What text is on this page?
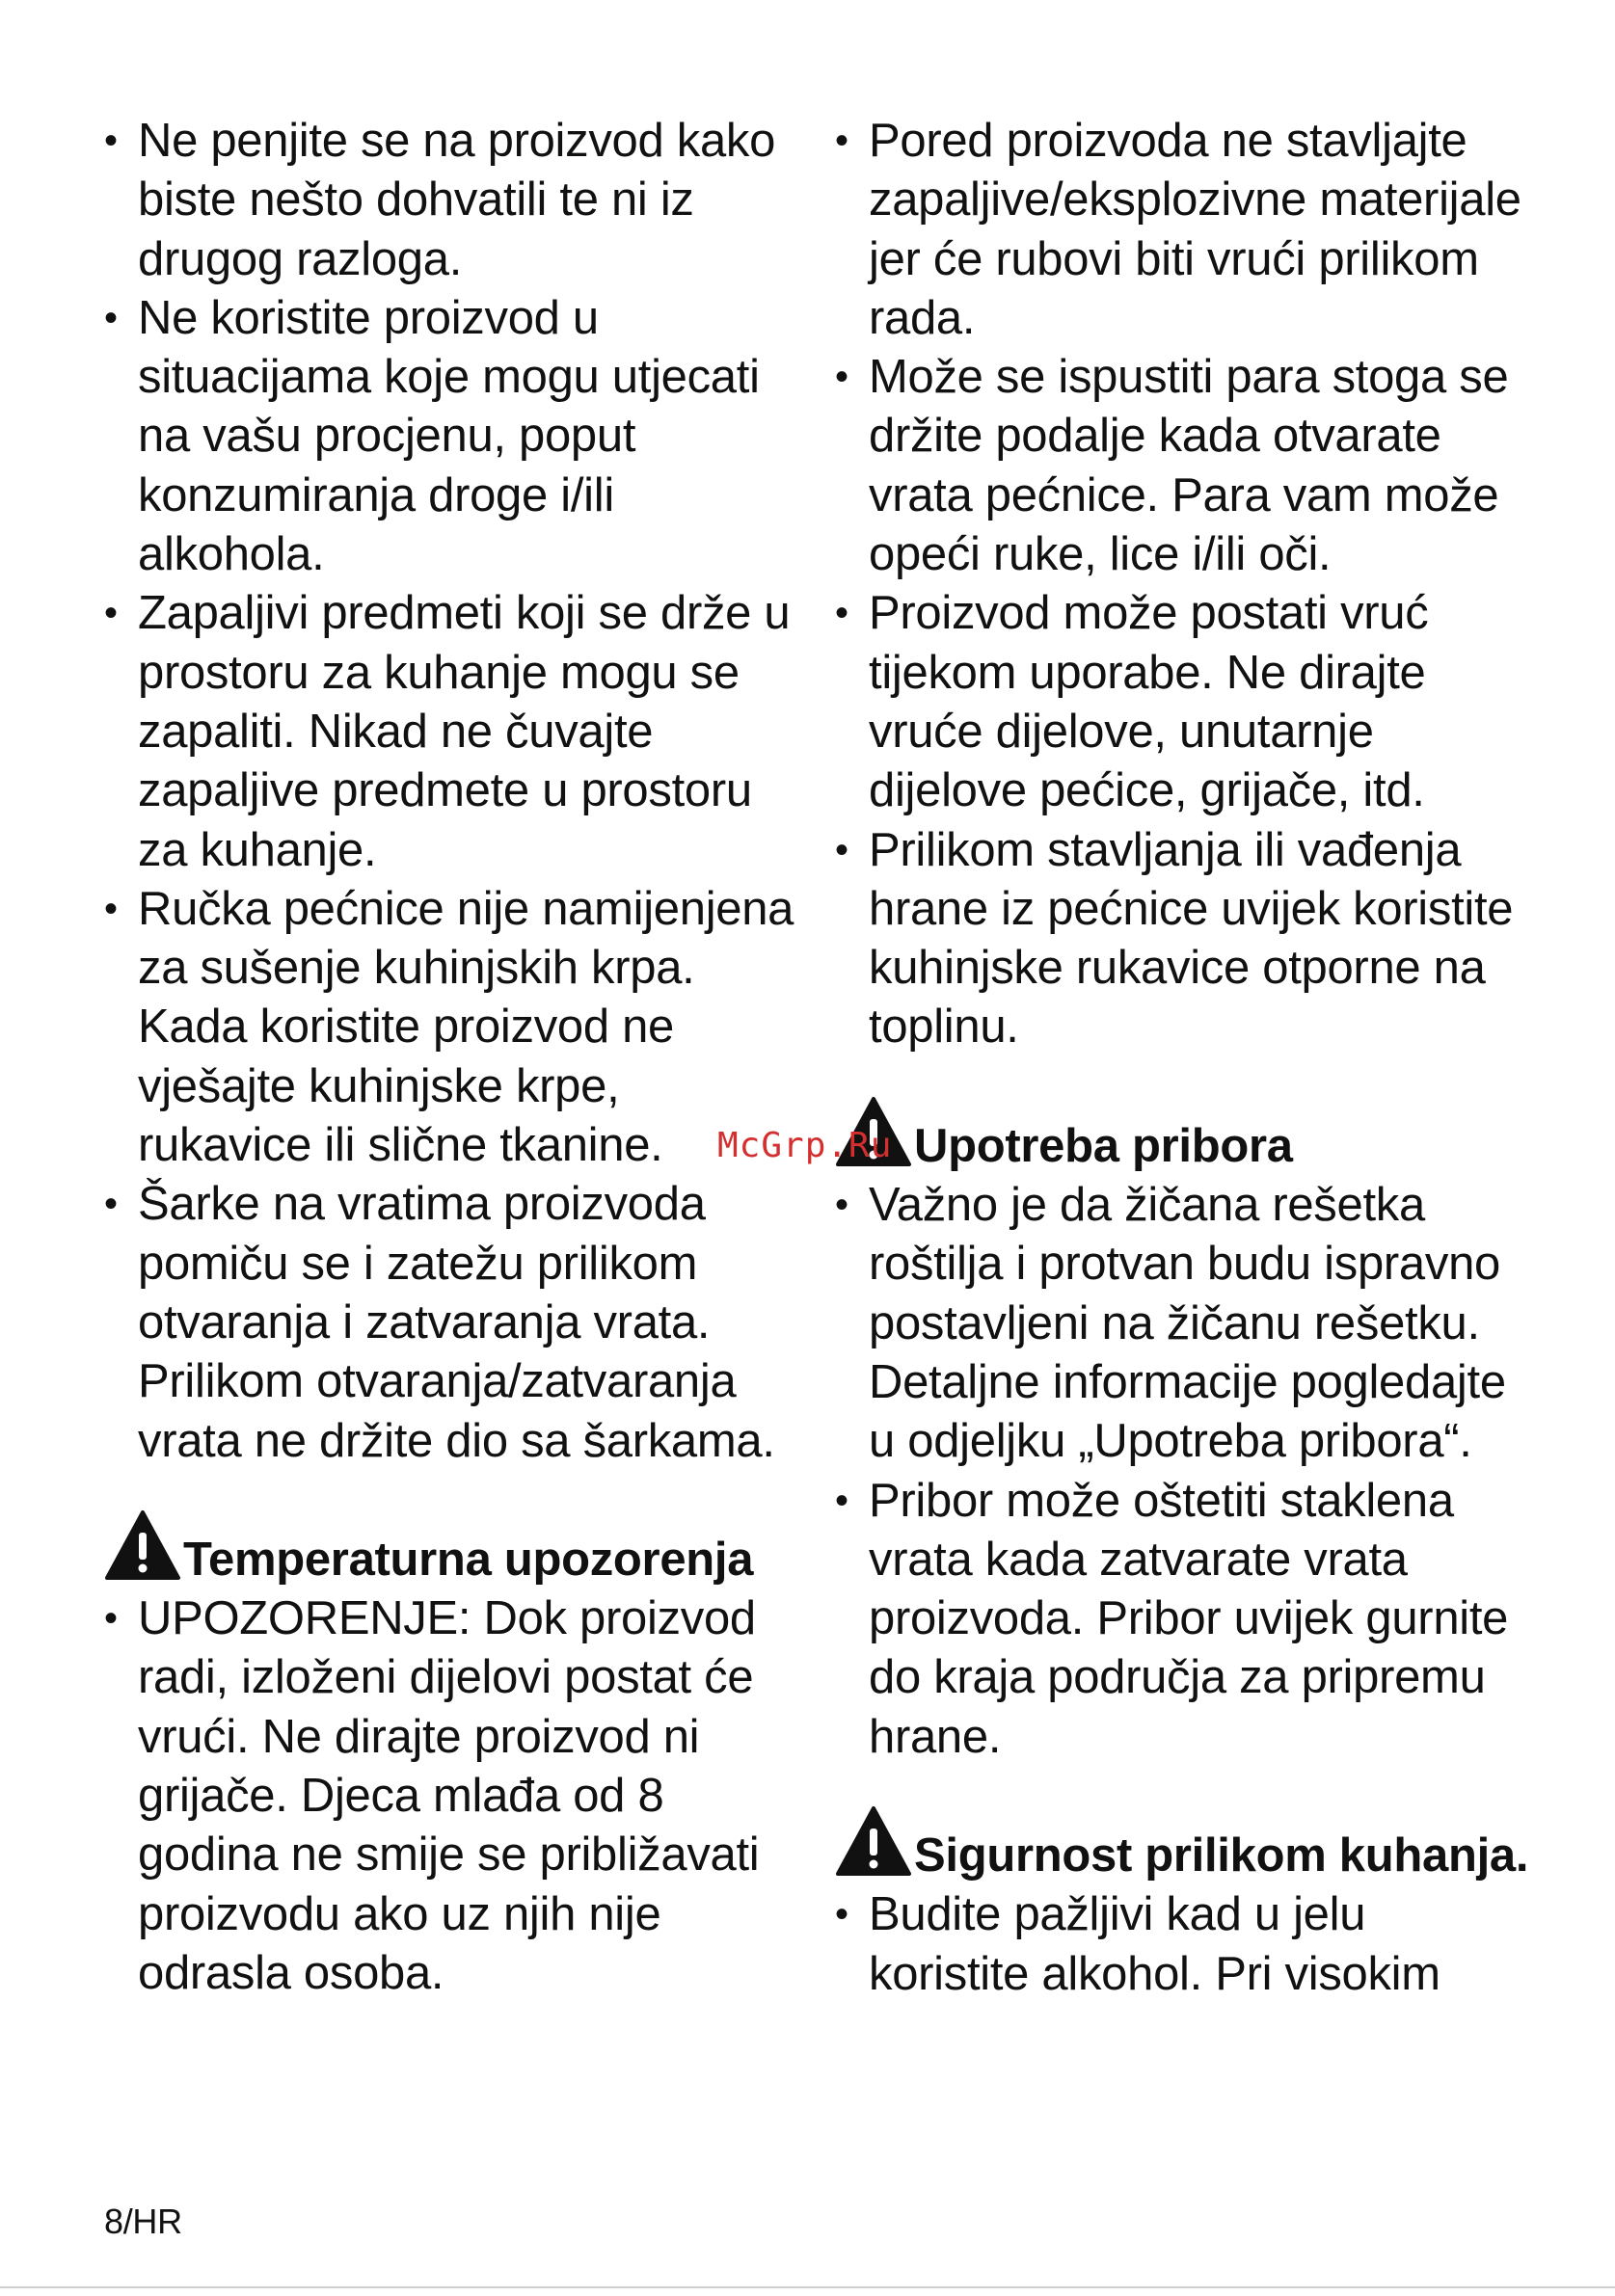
• Ne penjite se na proizvod kako biste nešto dohvatili te ni iz drugog razloga.
• Ne koristite proizvod u situacijama koje mogu utjecati na vašu procjenu, poput konzumiranja droge i/ili alkohola.
• Zapaljivi predmeti koji se drže u prostoru za kuhanje mogu se zapaliti. Nikad ne čuvajte zapaljive predmete u prostoru za kuhanje.
• Ručka pećnice nije namijenjena za sušenje kuhinjskih krpa. Kada koristite proizvod ne vješajte kuhinjske krpe, rukavice ili slične tkanine.
• Šarke na vratima proizvoda pomiču se i zatežu prilikom otvaranja i zatvaranja vrata. Prilikom otvaranja/zatvaranja vrata ne držite dio sa šarkama.
Temperaturna upozorenja
• UPOZORENJE: Dok proizvod radi, izloženi dijelovi postat će vrući. Ne dirajte proizvod ni grijače. Djeca mlađa od 8 godina ne smije se približavati proizvodu ako uz njih nije odrasla osoba.
• Pored proizvoda ne stavljajte zapaljive/eksplozivne materijale jer će rubovi biti vrući prilikom rada.
• Može se ispustiti para stoga se držite podalje kada otvarate vrata pećnice. Para vam može opeći ruke, lice i/ili oči.
• Proizvod može postati vruć tijekom uporabe. Ne dirajte vruće dijelove, unutarnje dijelove pećice, grijače, itd.
• Prilikom stavljanja ili vađenja hrane iz pećnice uvijek koristite kuhinjske rukavice otporne na toplinu.
Upotreba pribora
• Važno je da žičana rešetka roštilja i protvan budu ispravno postavljeni na žičanu rešetku. Detaljne informacije pogledajte u odjeljku „Upotreba pribora“.
• Pribor može oštetiti staklena vrata kada zatvarate vrata proizvoda. Pribor uvijek gurnite do kraja područja za pripremu hrane.
Sigurnost prilikom kuhanja.
• Budite pažljivi kad u jelu koristite alkohol. Pri visokim
McGrp.Ru
8/HR
